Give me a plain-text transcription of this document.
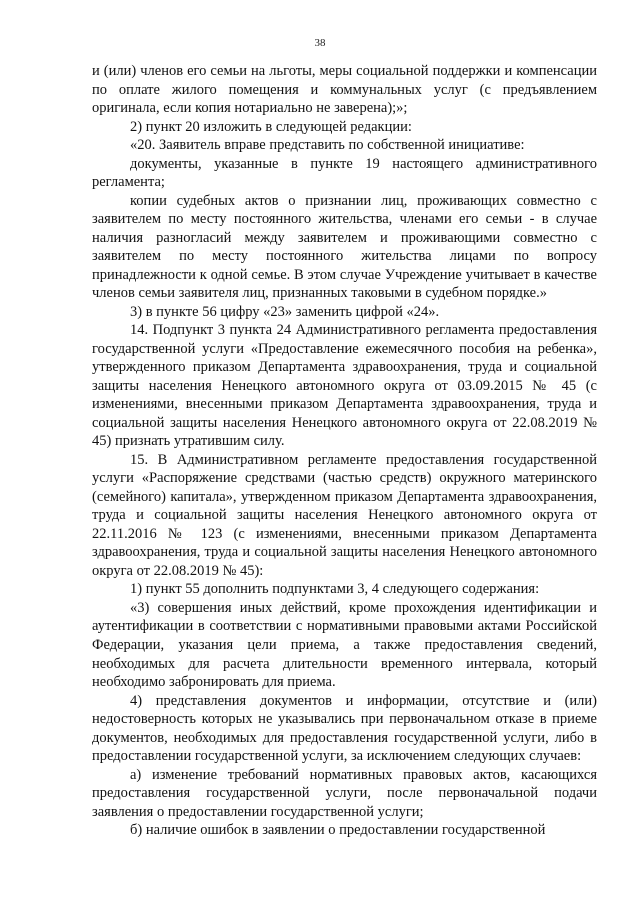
38

и (или) членов его семьи на льготы, меры социальной поддержки и компенсации по оплате жилого помещения и коммунальных услуг (с предъявлением оригинала, если копия нотариально не заверена);»;

2) пункт 20 изложить в следующей редакции:

«20. Заявитель вправе представить по собственной инициативе:

документы, указанные в пункте 19 настоящего административного регламента;

копии судебных актов о признании лиц, проживающих совместно с заявителем по месту постоянного жительства, членами его семьи - в случае наличия разногласий между заявителем и проживающими совместно с заявителем по месту постоянного жительства лицами по вопросу принадлежности к одной семье. В этом случае Учреждение учитывает в качестве членов семьи заявителя лиц, признанных таковыми в судебном порядке.»

3) в пункте 56 цифру «23» заменить цифрой «24».

14. Подпункт 3 пункта 24 Административного регламента предоставления государственной услуги «Предоставление ежемесячного пособия на ребенка», утвержденного приказом Департамента здравоохранения, труда и социальной защиты населения Ненецкого автономного округа от 03.09.2015 № 45 (с изменениями, внесенными приказом Департамента здравоохранения, труда и социальной защиты населения Ненецкого автономного округа от 22.08.2019 № 45) признать утратившим силу.

15. В Административном регламенте предоставления государственной услуги «Распоряжение средствами (частью средств) окружного материнского (семейного) капитала», утвержденном приказом Департамента здравоохранения, труда и социальной защиты населения Ненецкого автономного округа от 22.11.2016 № 123 (с изменениями, внесенными приказом Департамента здравоохранения, труда и социальной защиты населения Ненецкого автономного округа от 22.08.2019 № 45):

1) пункт 55 дополнить подпунктами 3, 4 следующего содержания:

«3) совершения иных действий, кроме прохождения идентификации и аутентификации в соответствии с нормативными правовыми актами Российской Федерации, указания цели приема, а также предоставления сведений, необходимых для расчета длительности временного интервала, который необходимо забронировать для приема.

4) представления документов и информации, отсутствие и (или) недостоверность которых не указывались при первоначальном отказе в приеме документов, необходимых для предоставления государственной услуги, либо в предоставлении государственной услуги, за исключением следующих случаев:

а) изменение требований нормативных правовых актов, касающихся предоставления государственной услуги, после первоначальной подачи заявления о предоставлении государственной услуги;

б) наличие ошибок в заявлении о предоставлении государственной
